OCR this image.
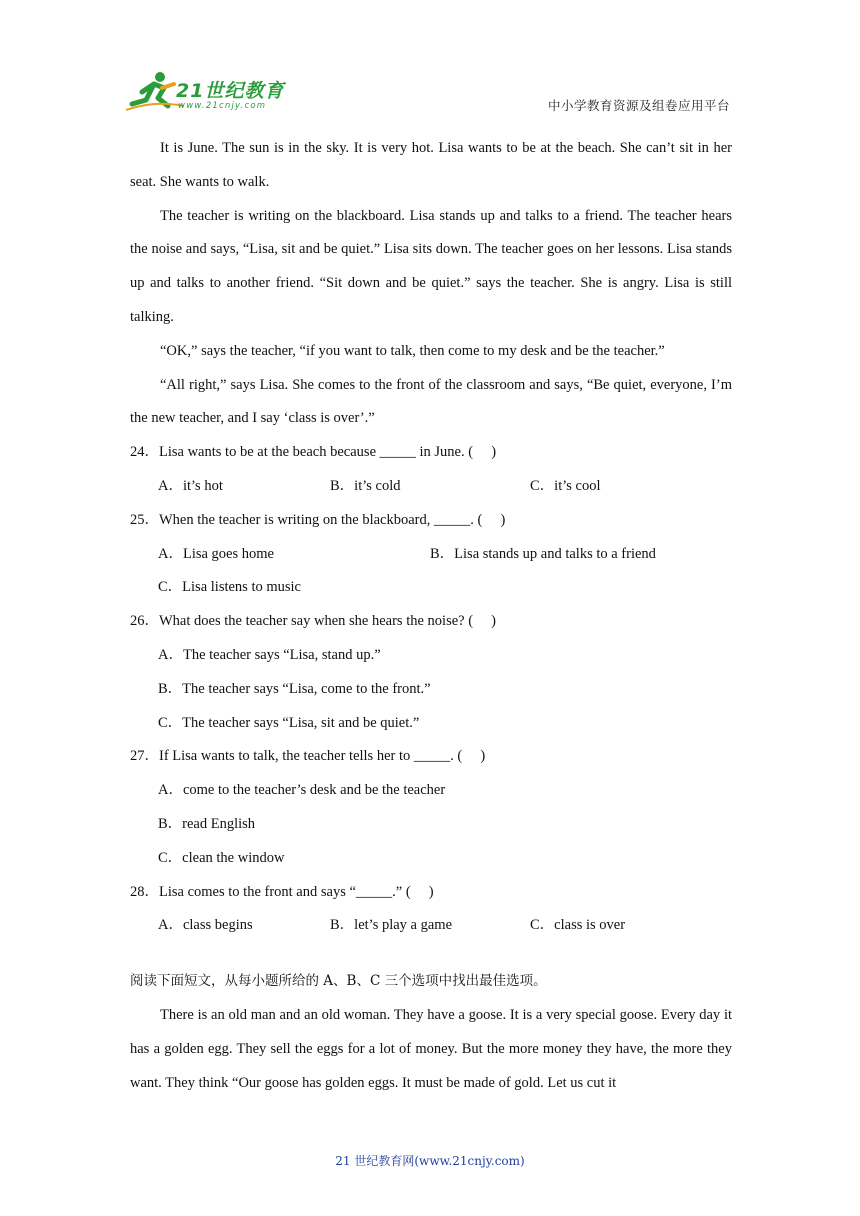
21世纪教育
www.21cnjy.com	中小学教育资源及组卷应用平台

It is June. The sun is in the sky. It is very hot. Lisa wants to be at the beach. She can’t sit in her seat. She wants to walk.

The teacher is writing on the blackboard. Lisa stands up and talks to a friend. The teacher hears the noise and says, “Lisa, sit and be quiet.” Lisa sits down. The teacher goes on her lessons. Lisa stands up and talks to another friend. “Sit down and be quiet.” says the teacher. She is angry. Lisa is still talking.

“OK,” says the teacher, “if you want to talk, then come to my desk and be the teacher.”

“All right,” says Lisa. She comes to the front of the classroom and says, “Be quiet, everyone, I’m the new teacher, and I say ‘class is over’.”

24．Lisa wants to be at the beach because _____ in June. (　 )

A．it’s hot	B．it’s cold	C．it’s cool

25．When the teacher is writing on the blackboard, _____. (　 )

A．Lisa goes home	B．Lisa stands up and talks to a friend

C．Lisa listens to music

26．What does the teacher say when she hears the noise? (　 )

A．The teacher says “Lisa, stand up.”

B．The teacher says “Lisa, come to the front.”

C．The teacher says “Lisa, sit and be quiet.”

27．If Lisa wants to talk, the teacher tells her to _____. (　 )

A．come to the teacher’s desk and be the teacher

B．read English

C．clean the window

28．Lisa comes to the front and says “_____.” (　 )

A．class begins	B．let’s play a game	C．class is over

阅读下面短文，从每小题所给的 A、B、C 三个选项中找出最佳选项。

There is an old man and an old woman. They have a goose. It is a very special goose. Every day it has a golden egg. They sell the eggs for a lot of money. But the more money they have, the more they want. They think “Our goose has golden eggs. It must be made of gold. Let us cut it

21 世纪教育网(www.21cnjy.com)
